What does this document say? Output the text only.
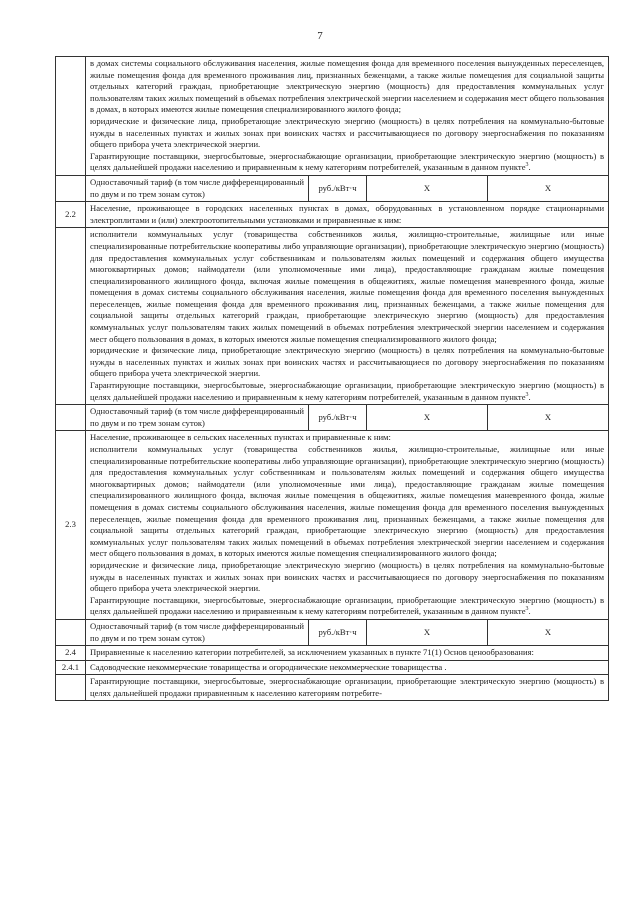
7

	в домах системы социального обслуживания населения, жилые помещения фонда для временного поселения вынужденных переселенцев, жилые помещения фонда для временного проживания лиц, признанных беженцами, а также жилые помещения для социальной защиты отдельных категорий граждан, приобретающие электрическую энергию (мощность) для предоставления коммунальных услуг пользователям таких жилых помещений в объемах потребления электрической энергии населением и содержания мест общего пользования в домах, в которых имеются жилые помещения специализированного жилого фонда;

юридические и физические лица, приобретающие электрическую энергию (мощность) в целях потребления на коммунально-бытовые нужды в населенных пунктах и жилых зонах при воинских частях и рассчитывающиеся по договору энергоснабжения по показаниям общего прибора учета электрической энергии.

Гарантирующие поставщики, энергосбытовые, энергоснабжающие организации, приобретающие электрическую энергию (мощность) в целях дальнейшей продажи населению и приравненным к нему категориям потребителей, указанным в данном пункте$^3$.			

	Одноставочный тариф (в том числе дифференцированный по двум и по трем зонам суток)	руб./кВт·ч	X	X
2.2	Население, проживающее в городских населенных пунктах в домах, оборудованных в установленном порядке стационарными электроплитами и (или) электроотопительными установками и приравненные к ним:			

	исполнители коммунальных услуг (товарищества собственников жилья, жилищно-строительные, жилищные или иные специализированные потребительские кооперативы либо управляющие организации), приобретающие электрическую энергию (мощность) для предоставления коммунальных услуг собственникам и пользователям жилых помещений и содержания общего имущества многоквартирных домов; наймодатели (или уполномоченные ими лица), предоставляющие гражданам жилые помещения специализированного жилищного фонда, включая жилые помещения в общежитиях, жилые помещения маневренного фонда, жилые помещения в домах системы социального обслуживания населения, жилые помещения фонда для временного поселения вынужденных переселенцев, жилые помещения фонда для временного проживания лиц, признанных беженцами, а также жилые помещения для социальной защиты отдельных категорий граждан, приобретающие электрическую энергию (мощность) для предоставления коммунальных услуг пользователям таких жилых помещений в объемах потребления электрической энергии населением и содержания мест общего пользования в домах, в которых имеются жилые помещения специализированного жилого фонда;

юридические и физические лица, приобретающие электрическую энергию (мощность) в целях потребления на коммунально-бытовые нужды в населенных пунктах и жилых зонах при воинских частях и рассчитывающиеся по договору энергоснабжения по показаниям общего прибора учета электрической энергии.

Гарантирующие поставщики, энергосбытовые, энергоснабжающие организации, приобретающие электрическую энергию (мощность) в целях дальнейшей продажи населению и приравненным к нему категориям потребителей, указанным в данном пункте$^3$.			

	Одноставочный тариф (в том числе дифференцированный по двум и по трем зонам суток)	руб./кВт·ч	X	X
2.3	Население, проживающее в сельских населенных пунктах и приравненные к ним:

исполнители коммунальных услуг (товарищества собственников жилья, жилищно-строительные, жилищные или иные специализированные потребительские кооперативы либо управляющие организации), приобретающие электрическую энергию (мощность) для предоставления коммунальных услуг собственникам и пользователям жилых помещений и содержания общего имущества многоквартирных домов; наймодатели (или уполномоченные ими лица), предоставляющие гражданам жилые помещения специализированного жилищного фонда, включая жилые помещения в общежитиях, жилые помещения маневренного фонда, жилые помещения в домах системы социального обслуживания населения, жилые помещения фонда для временного поселения вынужденных переселенцев, жилые помещения фонда для временного проживания лиц, признанных беженцами, а также жилые помещения для социальной защиты отдельных категорий граждан, приобретающие электрическую энергию (мощность) для предоставления коммунальных услуг пользователям таких жилых помещений в объемах потребления электрической энергии населением и содержания мест общего пользования в домах, в которых имеются жилые помещения специализированного жилого фонда;

юридические и физические лица, приобретающие электрическую энергию (мощность) в целях потребления на коммунально-бытовые нужды в населенных пунктах и жилых зонах при воинских частях и рассчитывающиеся по договору энергоснабжения по показаниям общего прибора учета электрической энергии.

Гарантирующие поставщики, энергосбытовые, энергоснабжающие организации, приобретающие электрическую энергию (мощность) в целях дальнейшей продажи населению и приравненным к нему категориям потребителей, указанным в данном пункте$^3$.			

	Одноставочный тариф (в том числе дифференцированный по двум и по трем зонам суток)	руб./кВт·ч	X	X
2.4	Приравненные к населению категории потребителей, за исключением указанных в пункте 71(1) Основ ценообразования:			
2.4.1	Садоводческие некоммерческие товарищества и огороднические некоммерческие товарищества .			
	Гарантирующие поставщики, энергосбытовые, энергоснабжающие организации, приобретающие электрическую энергию (мощность) в целях дальнейшей продажи приравненным к населению категориям потребите-			
